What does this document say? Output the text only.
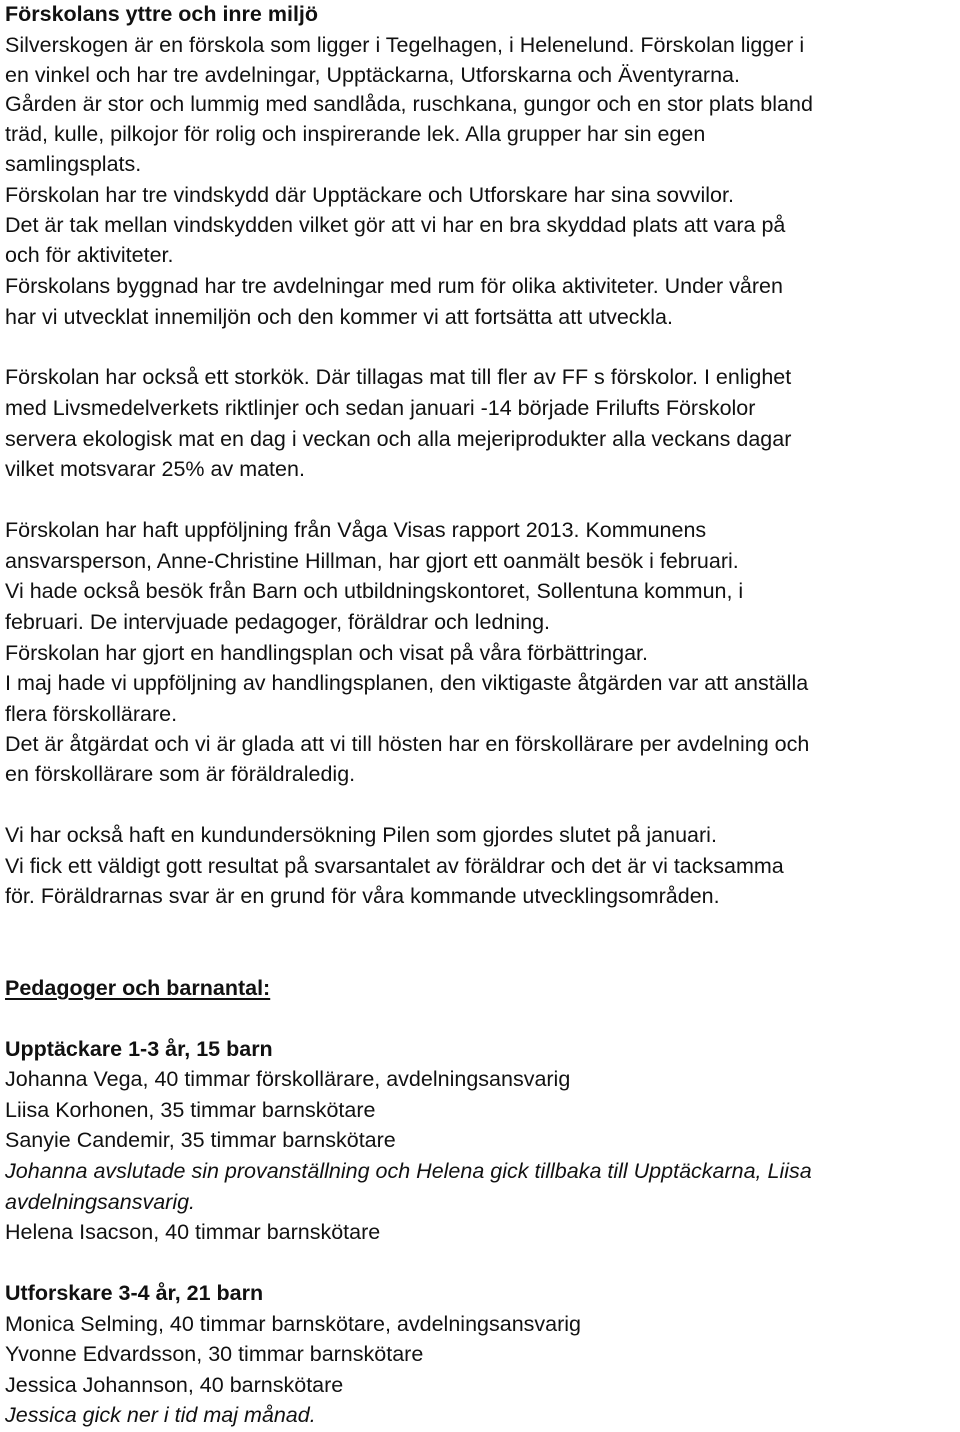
Förskolans yttre och inre miljö
Silverskogen är en förskola som ligger i Tegelhagen, i Helenelund. Förskolan ligger i
en vinkel och har tre avdelningar, Upptäckarna, Utforskarna och Äventyrarna.
Gården är stor och lummig med sandlåda, ruschkana, gungor och en stor plats bland
träd, kulle, pilkojor för rolig och inspirerande lek. Alla grupper har sin egen
samlingsplats.
Förskolan har tre vindskydd där Upptäckare och Utforskare har sina sovvilor.
Det är tak mellan vindskydden vilket gör att vi har en bra skyddad plats att vara på
och för aktiviteter.
Förskolans byggnad har tre avdelningar med rum för olika aktiviteter. Under våren
har vi utvecklat innemiljön och den kommer vi att fortsätta att utveckla.
Förskolan har också ett storkök. Där tillagas mat till fler av FF s förskolor. I enlighet
med Livsmedelverkets riktlinjer och sedan januari -14 började Frilufts Förskolor
servera ekologisk mat en dag i veckan och alla mejeriprodukter alla veckans dagar
vilket motsvarar 25% av maten.
Förskolan har haft uppföljning från Våga Visas rapport 2013. Kommunens
ansvarsperson, Anne-Christine Hillman, har gjort ett oanmält besök i februari.
Vi hade också besök från Barn och utbildningskontoret, Sollentuna kommun, i
februari. De intervjuade pedagoger, föräldrar och ledning.
Förskolan har gjort en handlingsplan och visat på våra förbättringar.
I maj hade vi uppföljning av handlingsplanen, den viktigaste åtgärden var att anställa
flera förskollärare.
Det är åtgärdat och vi är glada att vi till hösten har en förskollärare per avdelning och
en förskollärare som är föräldraledig.
Vi har också haft en kundundersökning Pilen som gjordes slutet på januari.
Vi fick ett väldigt gott resultat på svarsantalet av föräldrar och det är vi tacksamma
för. Föräldrarnas svar är en grund för våra kommande utvecklingsområden.
Pedagoger och barnantal:
Upptäckare 1-3 år, 15 barn
Johanna Vega, 40 timmar förskollärare, avdelningsansvarig
Liisa Korhonen, 35 timmar barnskötare
Sanyie Candemir, 35 timmar barnskötare
Johanna avslutade sin provanställning och Helena gick tillbaka till Upptäckarna, Liisa
avdelningsansvarig.
Helena Isacson, 40 timmar barnskötare
Utforskare 3-4 år, 21 barn
Monica Selming, 40 timmar barnskötare, avdelningsansvarig
Yvonne Edvardsson, 30 timmar barnskötare
Jessica Johannson, 40 barnskötare
Jessica gick ner i tid maj månad.
